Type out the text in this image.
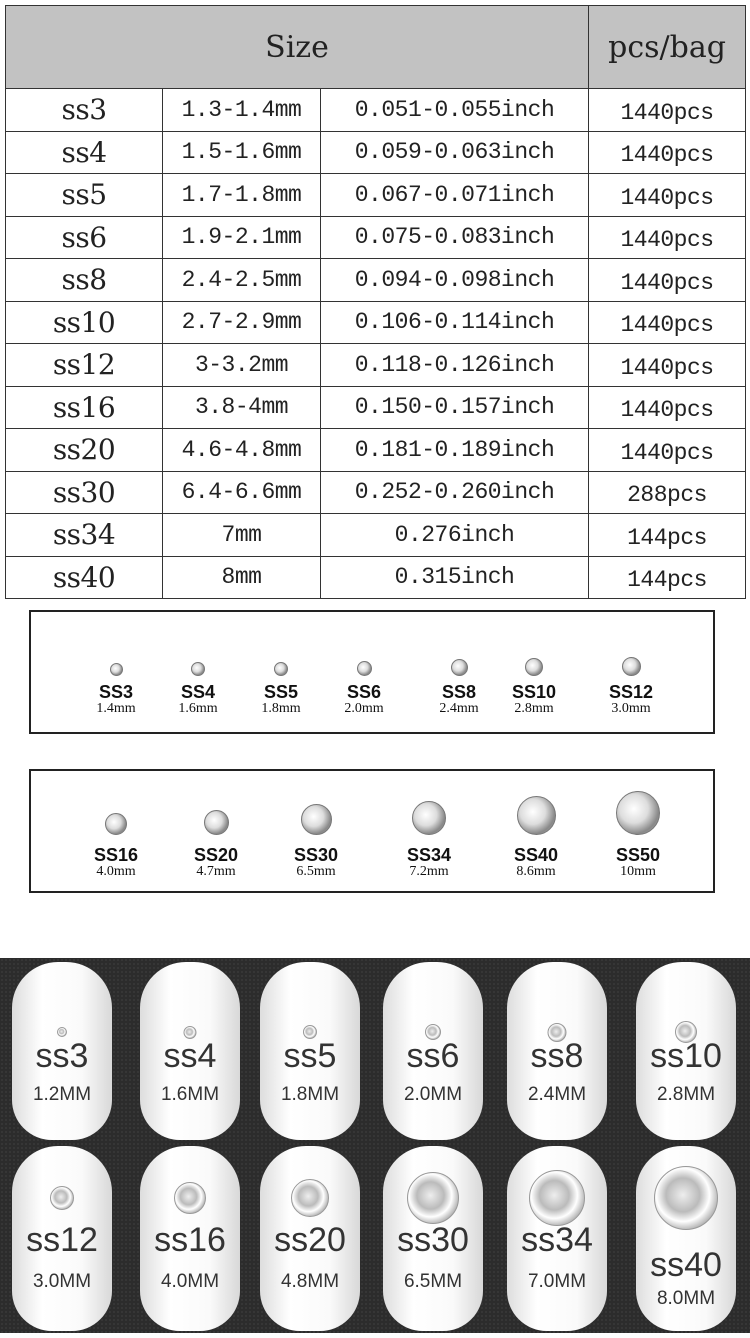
Size			pcs/bag
ss3	1.3-1.4mm	0.051-0.055inch	1440pcs
ss4	1.5-1.6mm	0.059-0.063inch	1440pcs
ss5	1.7-1.8mm	0.067-0.071inch	1440pcs
ss6	1.9-2.1mm	0.075-0.083inch	1440pcs
ss8	2.4-2.5mm	0.094-0.098inch	1440pcs
ss10	2.7-2.9mm	0.106-0.114inch	1440pcs
ss12	3-3.2mm	0.118-0.126inch	1440pcs
ss16	3.8-4mm	0.150-0.157inch	1440pcs
ss20	4.6-4.8mm	0.181-0.189inch	1440pcs
ss30	6.4-6.6mm	0.252-0.260inch	288pcs
ss34	7mm	0.276inch	144pcs
ss40	8mm	0.315inch	144pcs
SS3
1.4mm
SS4
1.6mm
SS5
1.8mm
SS6
2.0mm
SS8
2.4mm
SS10
2.8mm
SS12
3.0mm
SS16
4.0mm
SS20
4.7mm
SS30
6.5mm
SS34
7.2mm
SS40
8.6mm
SS50
10mm
ss3
1.2MM
ss4
1.6MM
ss5
1.8MM
ss6
2.0MM
ss8
2.4MM
ss10
2.8MM
ss12
3.0MM
ss16
4.0MM
ss20
4.8MM
ss30
6.5MM
ss34
7.0MM	ss40
8.0MM
